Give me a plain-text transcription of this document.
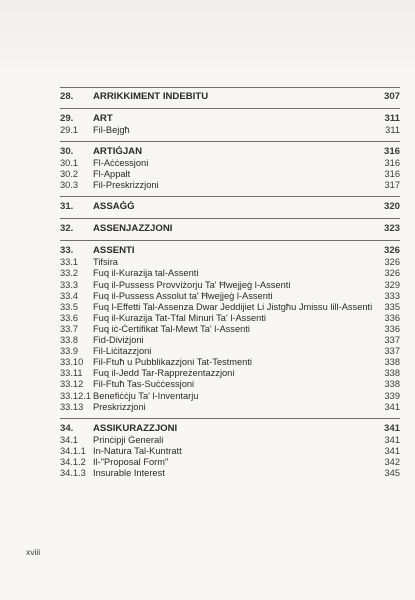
28.	ARRIKKIMENT INDEBITU	307
29.	ART	311
29.1	Fil-Bejgħ	311
30.	ARTIĠJAN	316
30.1	Fl-Aċċessjoni	316
30.2	Fl-Appalt	316
30.3	Fil-Preskrizzjoni	317
31.	ASSAĠĠ	320
32.	ASSENJAZZJONI	323
33.	ASSENTI	326
33.1	Tifsira	326
33.2	Fuq il-Kurazija tal-Assenti	326
33.3	Fuq il-Pussess Provviżorju Ta' Ħwejjeġ l-Assenti	329
33.4	Fuq il-Pussess Assolut ta' Ħwejjeġ l-Assenti	333
33.5	Fuq l-Effetti Tal-Assenza Dwar Jeddijiet Li Jistgħu Jmissu lill-Assenti	335
33.6	Fuq il-Kurazija Tat-Tfal Minuri Ta' l-Assenti	336
33.7	Fuq iċ-Ċertifikat Tal-Mewt Ta' l-Assenti	336
33.8	Fid-Diviżjoni	337
33.9	Fil-Liċitazzjoni	337
33.10	Fil-Ftuħ u Pubblikazzjoni Tat-Testmenti	338
33.11	Fuq il-Jedd Tar-Rappreżentazzjoni	338
33.12	Fil-Ftuħ Tas-Suċċessjoni	338
33.12.1 Benefiċċju Ta' l-Inventarju	339
33.13	Preskrizzjoni	341
34.	ASSIKURAZZJONI	341
34.1	Prinċipji Ġenerali	341
34.1.1 In-Natura Tal-Kuntratt	341
34.1.2 Il-"Proposal Form"	342
34.1.3 Insurable Interest	345
xviii
